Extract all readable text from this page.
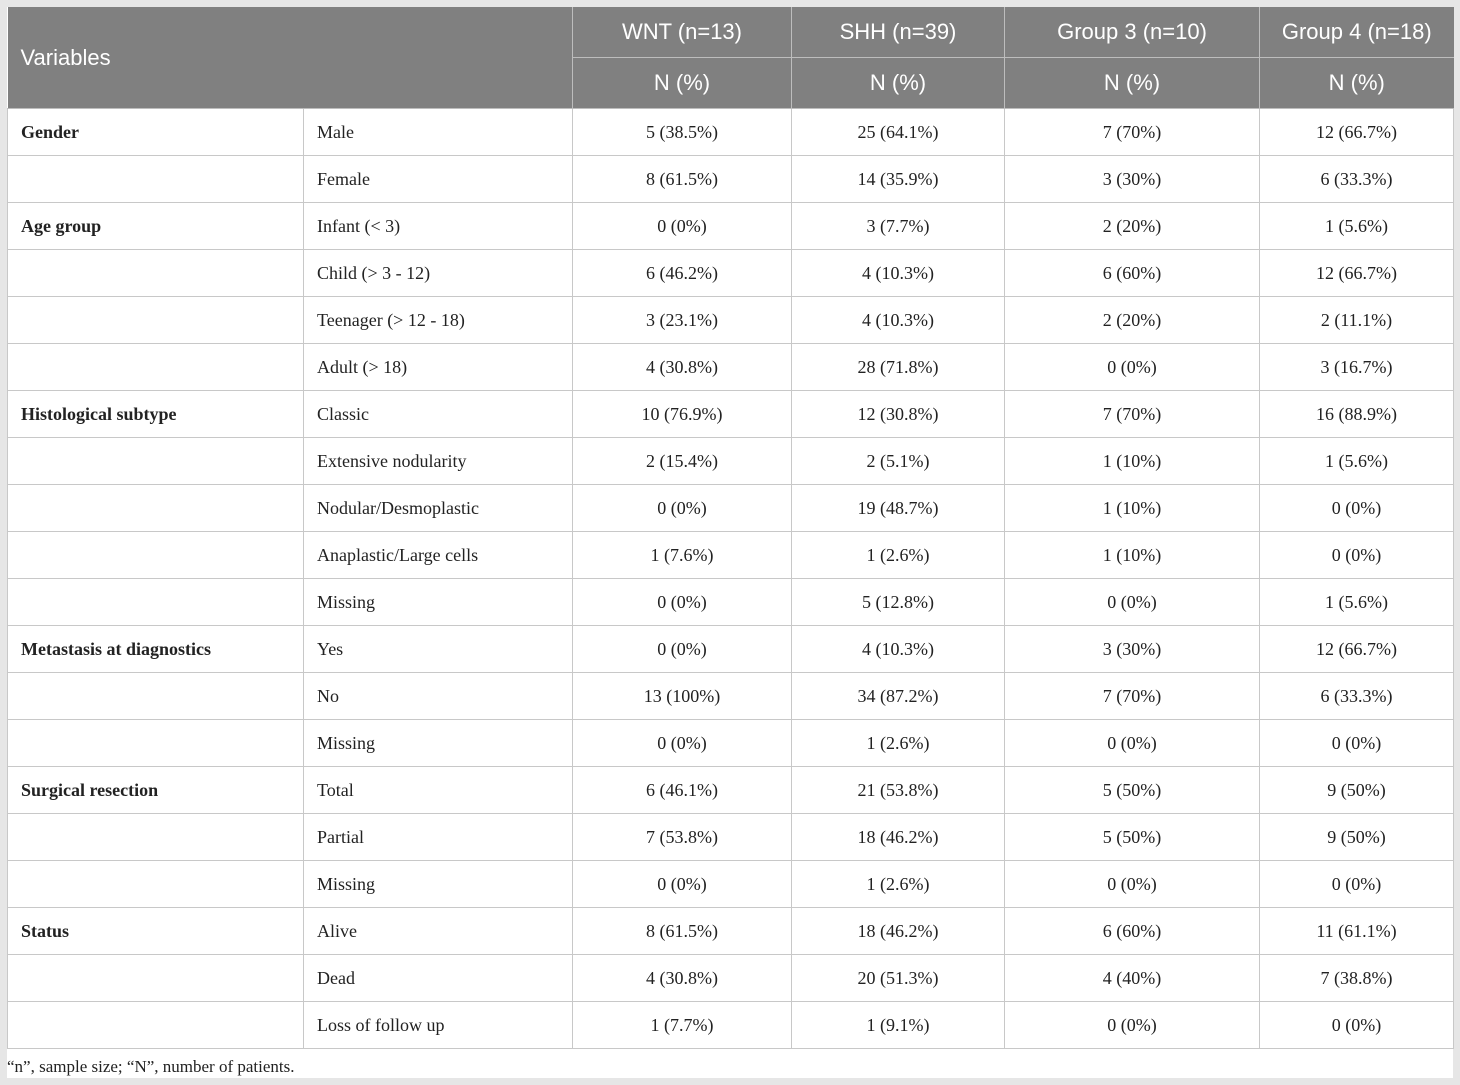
Variables		WNT (n=13)	SHH (n=39)	Group 3 (n=10)	Group 4 (n=18)
		N (%)	N (%)	N (%)	N (%)
Gender	Male	5 (38.5%)	25 (64.1%)	7 (70%)	12 (66.7%)
	Female	8 (61.5%)	14 (35.9%)	3 (30%)	6 (33.3%)
Age group	Infant (< 3)	0 (0%)	3 (7.7%)	2 (20%)	1 (5.6%)
	Child (> 3 - 12)	6 (46.2%)	4 (10.3%)	6 (60%)	12 (66.7%)
	Teenager (> 12 - 18)	3 (23.1%)	4 (10.3%)	2 (20%)	2 (11.1%)
	Adult (> 18)	4 (30.8%)	28 (71.8%)	0 (0%)	3 (16.7%)
Histological subtype	Classic	10 (76.9%)	12 (30.8%)	7 (70%)	16 (88.9%)
	Extensive nodularity	2 (15.4%)	2 (5.1%)	1 (10%)	1 (5.6%)
	Nodular/Desmoplastic	0 (0%)	19 (48.7%)	1 (10%)	0 (0%)
	Anaplastic/Large cells	1 (7.6%)	1 (2.6%)	1 (10%)	0 (0%)
	Missing	0 (0%)	5 (12.8%)	0 (0%)	1 (5.6%)
Metastasis at diagnostics	Yes	0 (0%)	4 (10.3%)	3 (30%)	12 (66.7%)
	No	13 (100%)	34 (87.2%)	7 (70%)	6 (33.3%)
	Missing	0 (0%)	1 (2.6%)	0 (0%)	0 (0%)
Surgical resection	Total	6 (46.1%)	21 (53.8%)	5 (50%)	9 (50%)
	Partial	7 (53.8%)	18 (46.2%)	5 (50%)	9 (50%)
	Missing	0 (0%)	1 (2.6%)	0 (0%)	0 (0%)
Status	Alive	8 (61.5%)	18 (46.2%)	6 (60%)	11 (61.1%)
	Dead	4 (30.8%)	20 (51.3%)	4 (40%)	7 (38.8%)
	Loss of follow up	1 (7.7%)	1 (9.1%)	0 (0%)	0 (0%)
“n”, sample size; “N”, number of patients.
